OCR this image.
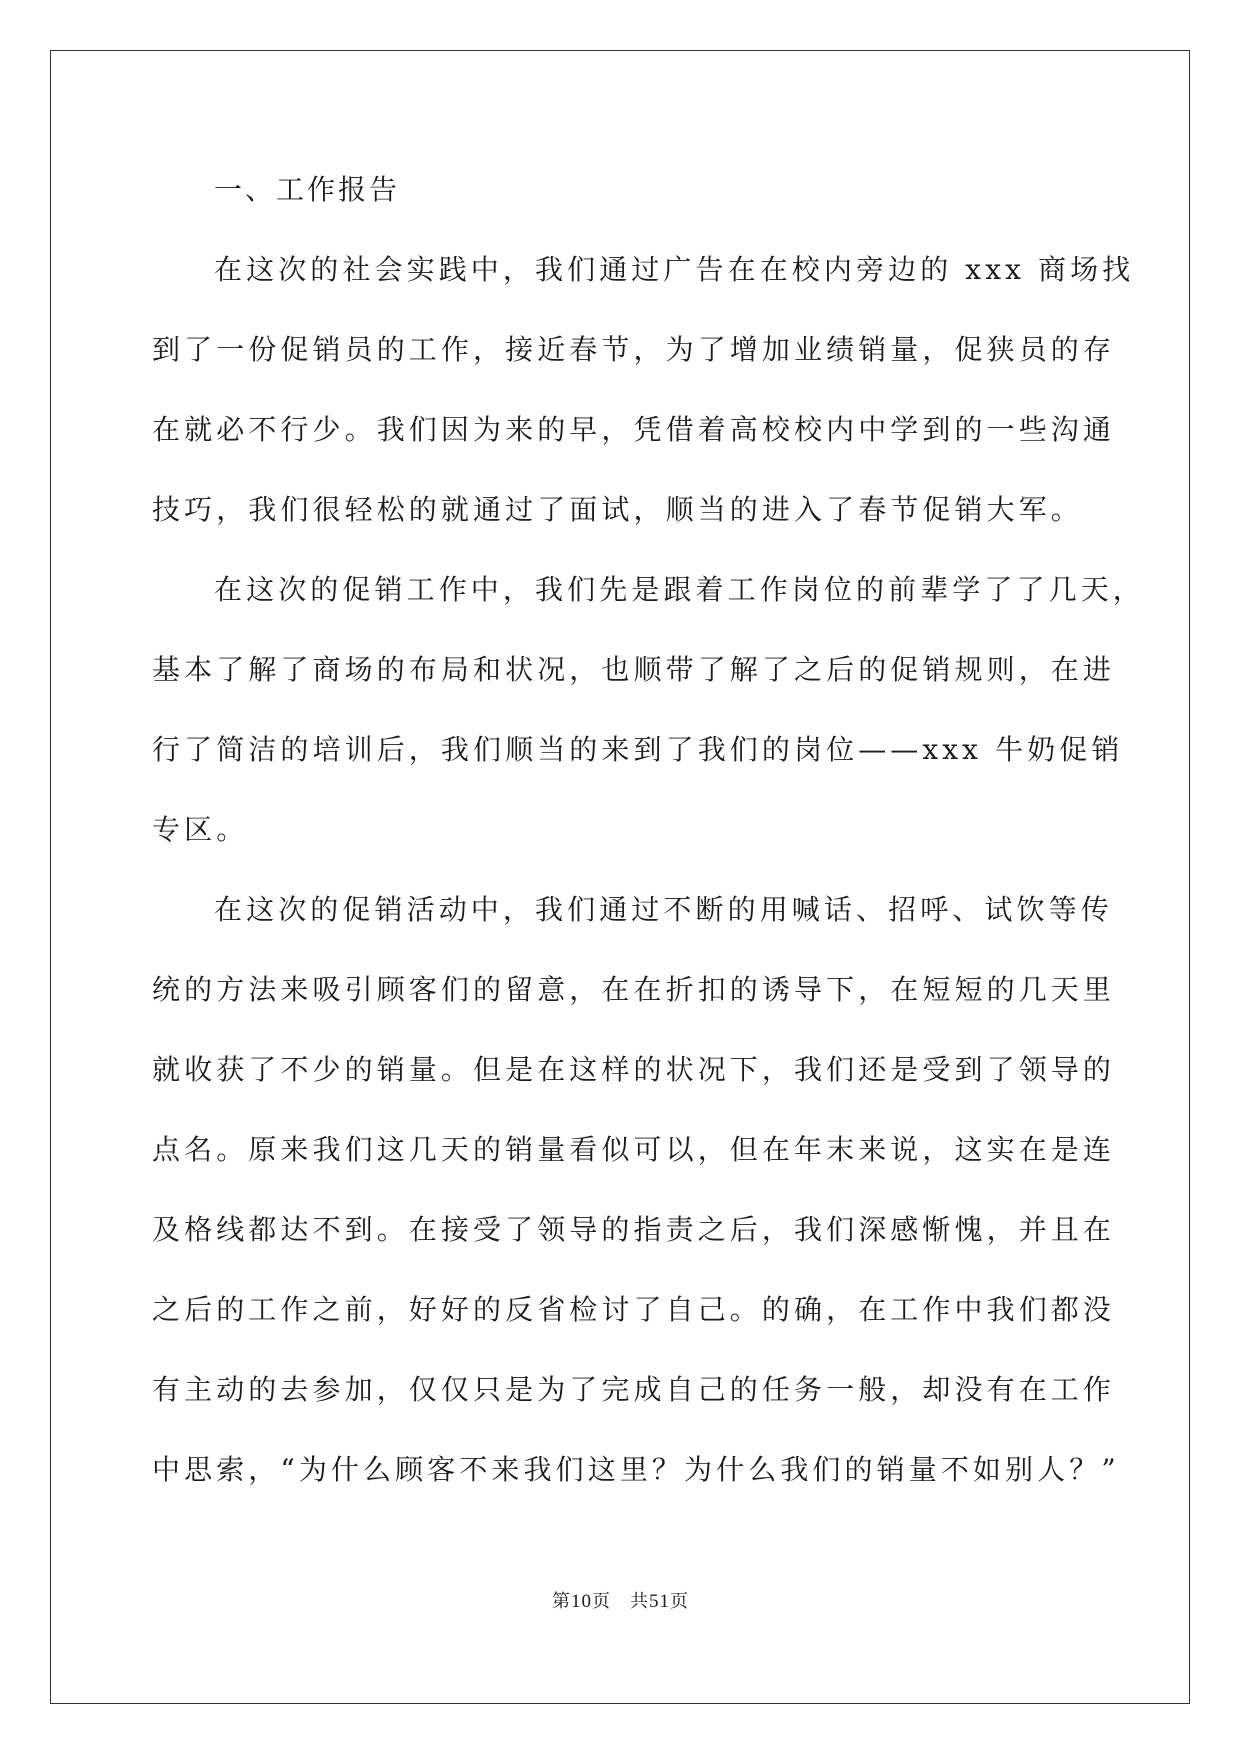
一、工作报告

在这次的社会实践中，我们通过广告在在校内旁边的 xxx 商场找

到了一份促销员的工作，接近春节，为了增加业绩销量，促狭员的存

在就必不行少。我们因为来的早，凭借着高校校内中学到的一些沟通

技巧，我们很轻松的就通过了面试，顺当的进入了春节促销大军。

在这次的促销工作中，我们先是跟着工作岗位的前辈学了了几天，

基本了解了商场的布局和状况，也顺带了解了之后的促销规则，在进

行了简洁的培训后，我们顺当的来到了我们的岗位——xxx 牛奶促销

专区。

在这次的促销活动中，我们通过不断的用喊话、招呼、试饮等传

统的方法来吸引顾客们的留意，在在折扣的诱导下，在短短的几天里

就收获了不少的销量。但是在这样的状况下，我们还是受到了领导的

点名。原来我们这几天的销量看似可以，但在年末来说，这实在是连

及格线都达不到。在接受了领导的指责之后，我们深感惭愧，并且在

之后的工作之前，好好的反省检讨了自己。的确，在工作中我们都没

有主动的去参加，仅仅只是为了完成自己的任务一般，却没有在工作

中思索，“为什么顾客不来我们这里？为什么我们的销量不如别人？”

第10页　共51页
